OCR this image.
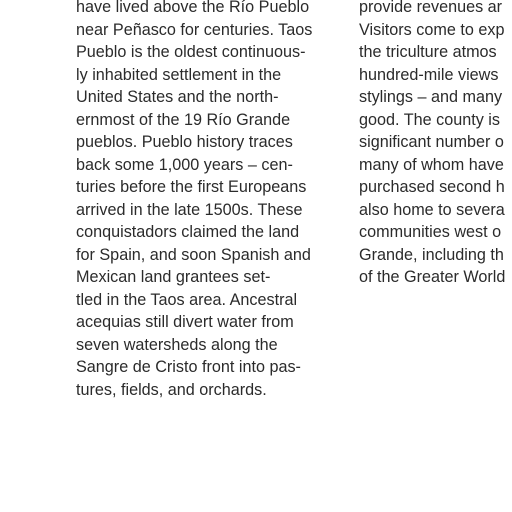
have lived above the Río Pueblo
near Peñasco for centuries. Taos
Pueblo is the oldest continuous-
ly inhabited settlement in the
United States and the north-
ernmost of the 19 Río Grande
pueblos. Pueblo history traces
back some 1,000 years – cen-
turies before the first Europeans
arrived in the late 1500s. These
conquistadors claimed the land
for Spain, and soon Spanish and
Mexican land grantees set-
tled in the Taos area. Ancestral
acequias still divert water from
seven watersheds along the
Sangre de Cristo front into pas-
tures, fields, and orchards.
provide revenues ar
Visitors come to exp
the triculture atmos
hundred-mile views
stylings – and many
good. The county is
significant number o
many of whom have
purchased second h
also home to severa
communities west o
Grande, including th
of the Greater World
